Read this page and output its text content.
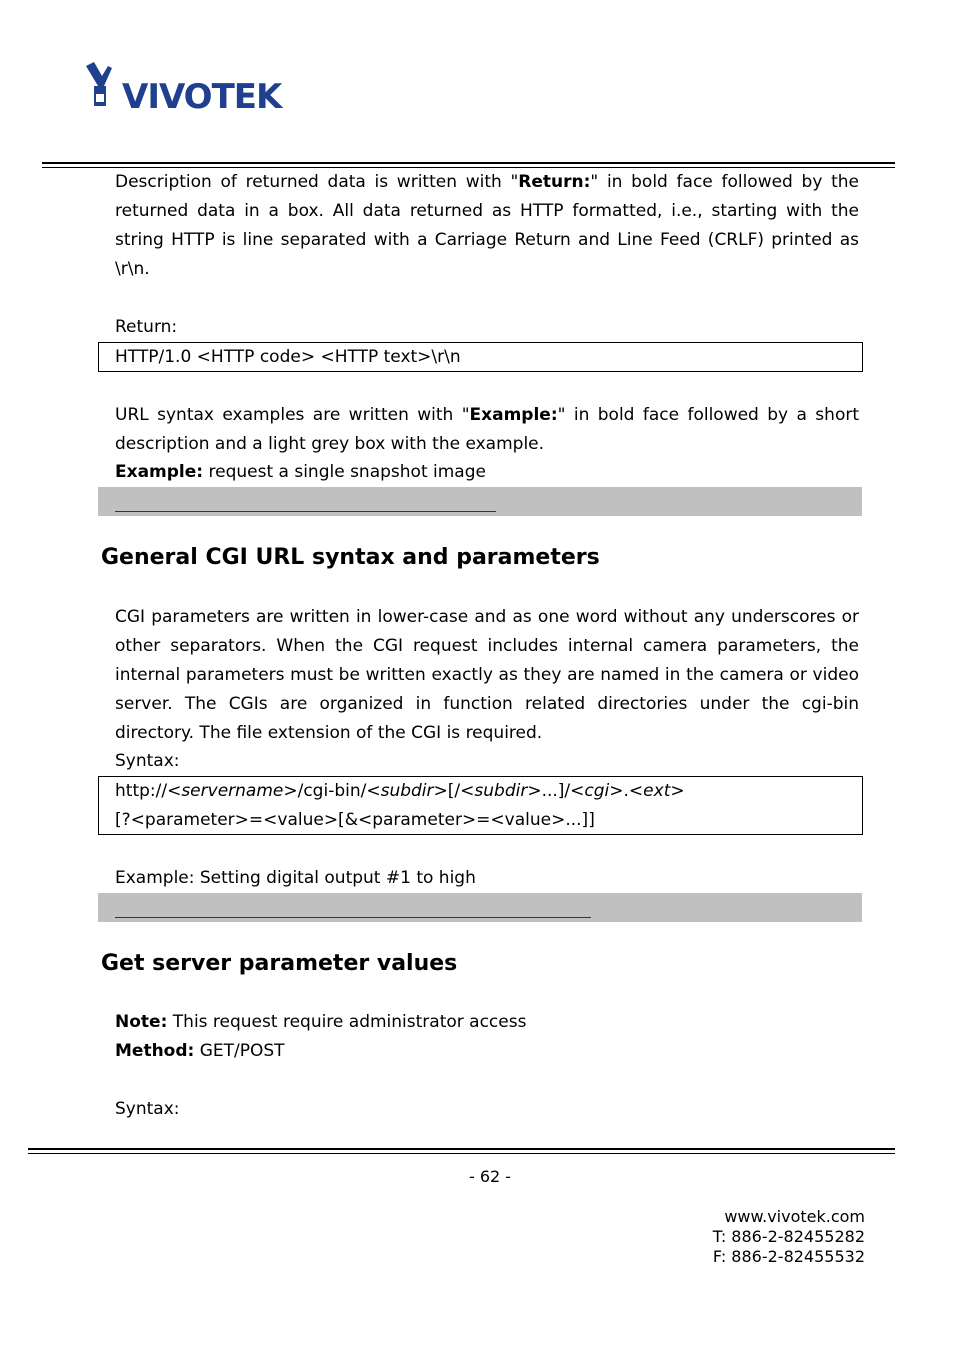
VIVOTEK

Description of returned data is written with "Return:" in bold face followed by the returned data in a box. All data returned as HTTP formatted, i.e., starting with the string HTTP is line separated with a Carriage Return and Line Feed (CRLF) printed as \r\n.

Return:
HTTP/1.0 <HTTP code> <HTTP text>\r\n

URL syntax examples are written with "Example:" in bold face followed by a short description and a light grey box with the example.

Example: request a single snapshot image
General CGI URL syntax and parameters

CGI parameters are written in lower-case and as one word without any underscores or other separators. When the CGI request includes internal camera parameters, the internal parameters must be written exactly as they are named in the camera or video server. The CGIs are organized in function related directories under the cgi-bin directory. The file extension of the CGI is required.

Syntax:
http://<servername>/cgi-bin/<subdir>[/<subdir>...]/<cgi>.<ext>
[?<parameter>=<value>[&<parameter>=<value>...]]
Example: Setting digital output #1 to high
Get server parameter values
Note: This request require administrator access
Method: GET/POST
Syntax:
- 62 -
www.vivotek.com
T: 886-2-82455282
F: 886-2-82455532
